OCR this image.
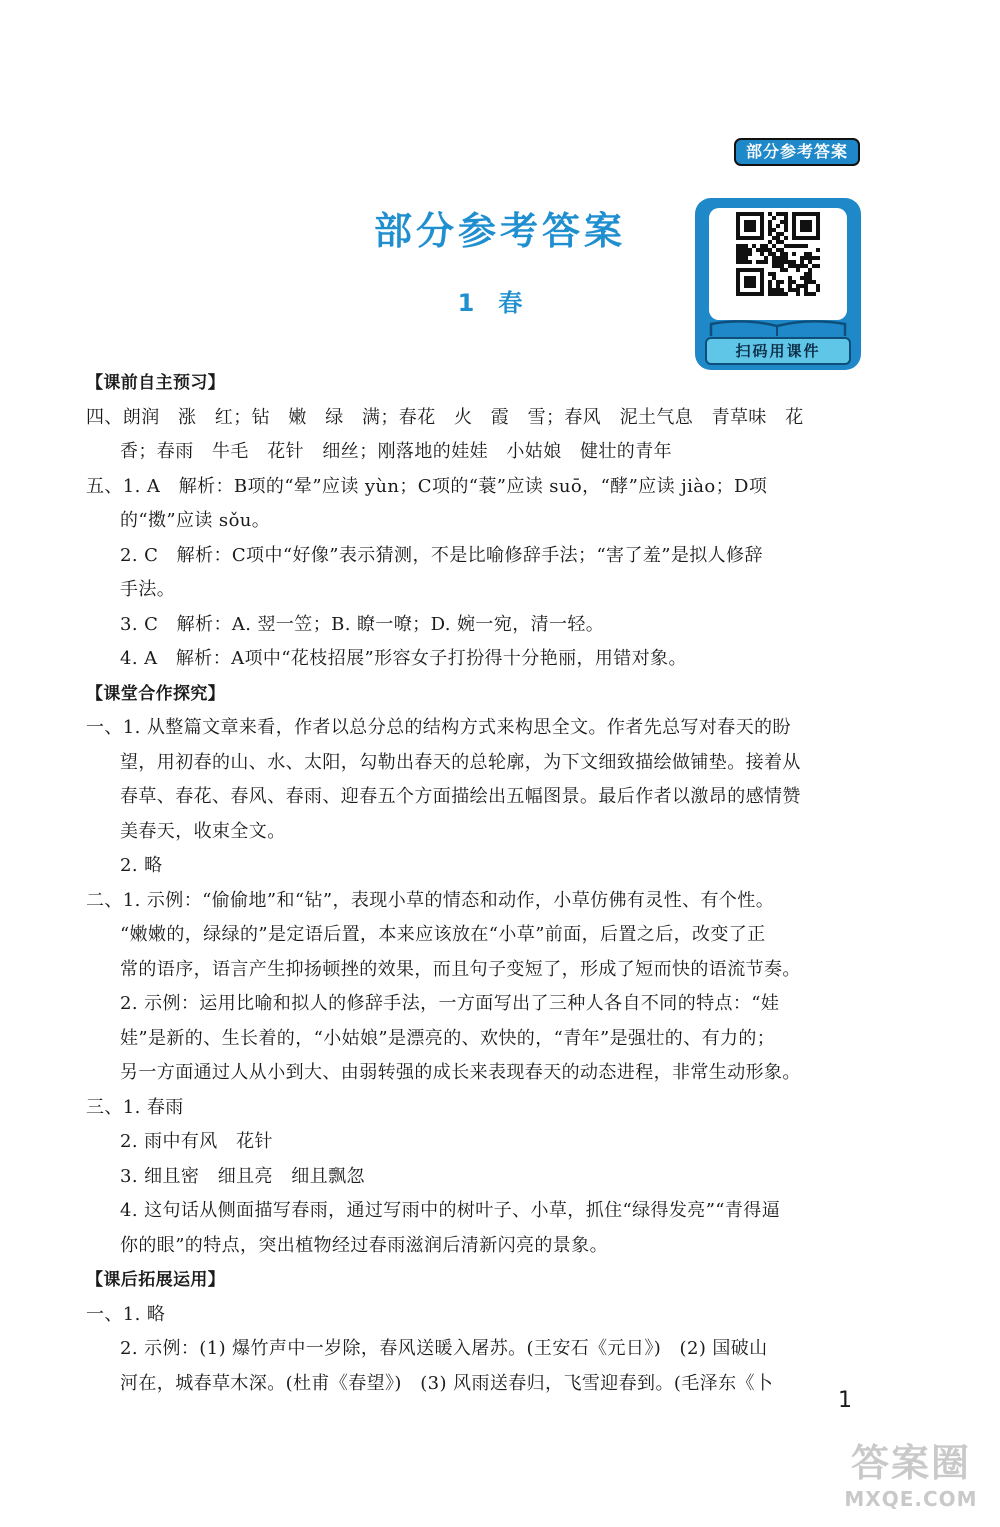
部分参考答案
部分参考答案
1　春
扫码用课件
【课前自主预习】
四、朗润　涨　红；钻　嫩　绿　满；春花　火　霞　雪；春风　泥土气息　青草味　花
香；春雨　牛毛　花针　细丝；刚落地的娃娃　小姑娘　健壮的青年
五、1. A　解析：B项的“晕”应读 yùn；C项的“蓑”应读 suō，“酵”应读 jiào；D项
的“擞”应读 sǒu。
2. C　解析：C项中“好像”表示猜测，不是比喻修辞手法；“害了羞”是拟人修辞
手法。
3. C　解析：A. 翌一笠；B. 瞭一嘹；D. 婉一宛，清一轻。
4. A　解析：A项中“花枝招展”形容女子打扮得十分艳丽，用错对象。
【课堂合作探究】
一、1. 从整篇文章来看，作者以总分总的结构方式来构思全文。作者先总写对春天的盼
望，用初春的山、水、太阳，勾勒出春天的总轮廓，为下文细致描绘做铺垫。接着从
春草、春花、春风、春雨、迎春五个方面描绘出五幅图景。最后作者以激昂的感情赞
美春天，收束全文。
2. 略
二、1. 示例：“偷偷地”和“钻”，表现小草的情态和动作，小草仿佛有灵性、有个性。
“嫩嫩的，绿绿的”是定语后置，本来应该放在“小草”前面，后置之后，改变了正
常的语序，语言产生抑扬顿挫的效果，而且句子变短了，形成了短而快的语流节奏。
2. 示例：运用比喻和拟人的修辞手法，一方面写出了三种人各自不同的特点：“娃
娃”是新的、生长着的，“小姑娘”是漂亮的、欢快的，“青年”是强壮的、有力的；
另一方面通过人从小到大、由弱转强的成长来表现春天的动态进程，非常生动形象。
三、1. 春雨
2. 雨中有风　花针
3. 细且密　细且亮　细且飘忽
4. 这句话从侧面描写春雨，通过写雨中的树叶子、小草，抓住“绿得发亮”“青得逼
你的眼”的特点，突出植物经过春雨滋润后清新闪亮的景象。
【课后拓展运用】
一、1. 略
2. 示例：(1) 爆竹声中一岁除，春风送暖入屠苏。(王安石《元日》)　(2) 国破山
河在，城春草木深。(杜甫《春望》)　(3) 风雨送春归，飞雪迎春到。(毛泽东《卜
1
答案圈
MXQE.COM
